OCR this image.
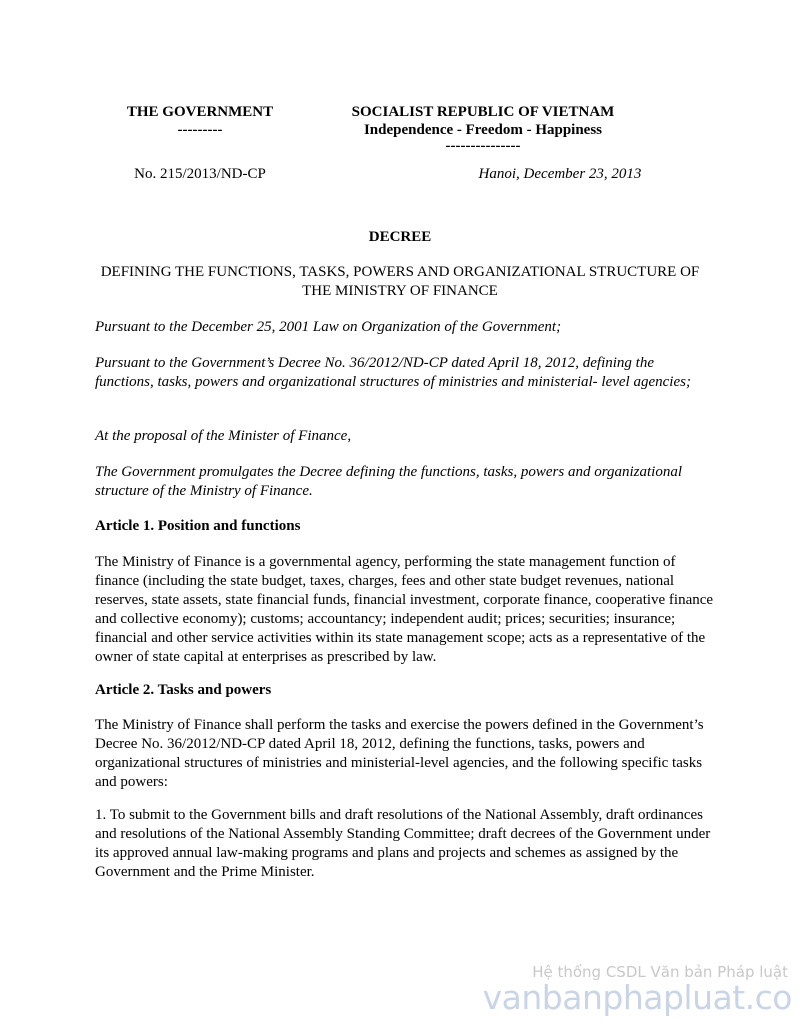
THE GOVERNMENT
---------
SOCIALIST REPUBLIC OF VIETNAM
Independence - Freedom - Happiness
---------------
No. 215/2013/ND-CP	Hanoi, December 23, 2013
DECREE
DEFINING THE FUNCTIONS, TASKS, POWERS AND ORGANIZATIONAL STRUCTURE OF THE MINISTRY OF FINANCE

Pursuant to the December 25, 2001 Law on Organization of the Government;

Pursuant to the Government’s Decree No. 36/2012/ND-CP dated April 18, 2012, defining the functions, tasks, powers and organizational structures of ministries and ministerial- level agencies;

At the proposal of the Minister of Finance,

The Government promulgates the Decree defining the functions, tasks, powers and organizational structure of the Ministry of Finance.

Article 1. Position and functions

The Ministry of Finance is a governmental agency, performing the state management function of finance (including the state budget, taxes, charges, fees and other state budget revenues, national reserves, state assets, state financial funds, financial investment, corporate finance, cooperative finance and collective economy); customs; accountancy; independent audit; prices; securities; insurance; financial and other service activities within its state management scope; acts as a representative of the owner of state capital at enterprises as prescribed by law.

Article 2. Tasks and powers

The Ministry of Finance shall perform the tasks and exercise the powers defined in the Government’s Decree No. 36/2012/ND-CP dated April 18, 2012, defining the functions, tasks, powers and organizational structures of ministries and ministerial-level agencies, and the following specific tasks and powers:

1. To submit to the Government bills and draft resolutions of the National Assembly, draft ordinances and resolutions of the National Assembly Standing Committee; draft decrees of the Government under its approved annual law-making programs and plans and projects and schemes as assigned by the Government and the Prime Minister.

Hệ thống CSDL Văn bản Pháp luật
vanbanphapluat.co
